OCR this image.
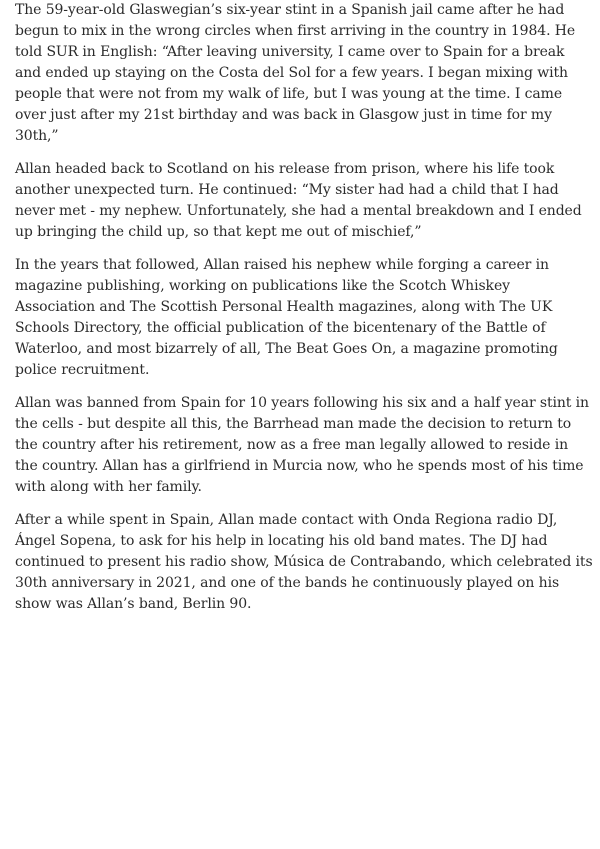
The 59-year-old Glaswegian’s six-year stint in a Spanish jail came after he had begun to mix in the wrong circles when first arriving in the country in 1984. He told SUR in English: “After leaving university, I came over to Spain for a break and ended up staying on the Costa del Sol for a few years. I began mixing with people that were not from my walk of life, but I was young at the time. I came over just after my 21st birthday and was back in Glasgow just in time for my 30th,”

Allan headed back to Scotland on his release from prison, where his life took another unexpected turn. He continued: “My sister had had a child that I had never met - my nephew. Unfortunately, she had a mental breakdown and I ended up bringing the child up, so that kept me out of mischief,”

In the years that followed, Allan raised his nephew while forging a career in magazine publishing, working on publications like the Scotch Whiskey Association and The Scottish Personal Health magazines, along with The UK Schools Directory, the official publication of the bicentenary of the Battle of Waterloo, and most bizarrely of all, The Beat Goes On, a magazine promoting police recruitment.

Allan was banned from Spain for 10 years following his six and a half year stint in the cells - but despite all this, the Barrhead man made the decision to return to the country after his retirement, now as a free man legally allowed to reside in the country. Allan has a girlfriend in Murcia now, who he spends most of his time with along with her family.

After a while spent in Spain, Allan made contact with Onda Regiona radio DJ, Ángel Sopena, to ask for his help in locating his old band mates. The DJ had continued to present his radio show, Música de Contrabando, which celebrated its 30th anniversary in 2021, and one of the bands he continuously played on his show was Allan’s band, Berlin 90.
